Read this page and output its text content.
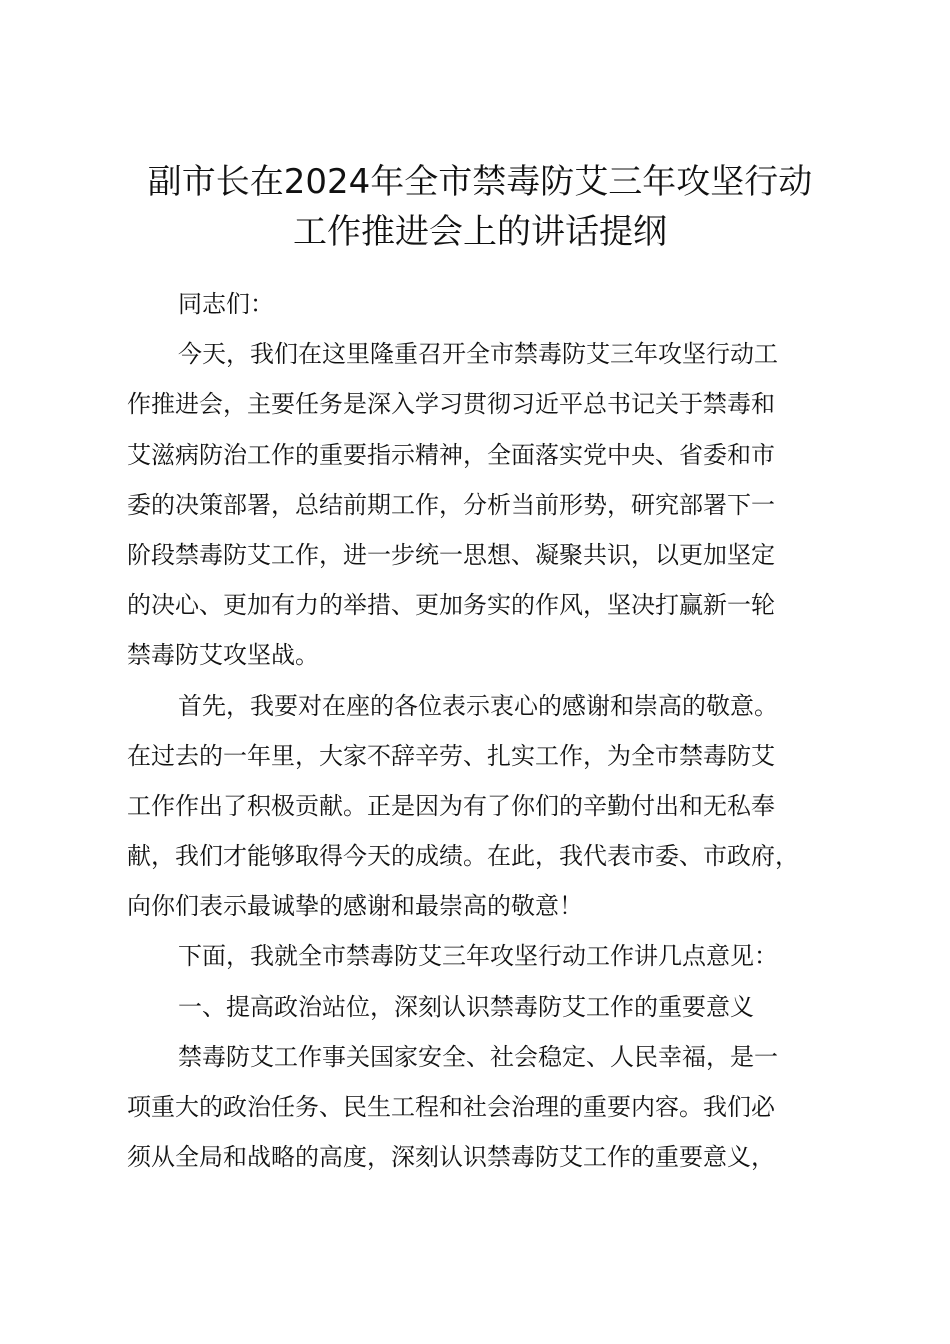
副市长在2024年全市禁毒防艾三年攻坚行动
工作推进会上的讲话提纲
同志们：
今天，我们在这里隆重召开全市禁毒防艾三年攻坚行动工
作推进会，主要任务是深入学习贯彻习近平总书记关于禁毒和
艾滋病防治工作的重要指示精神，全面落实党中央、省委和市
委的决策部署，总结前期工作，分析当前形势，研究部署下一
阶段禁毒防艾工作，进一步统一思想、凝聚共识，以更加坚定
的决心、更加有力的举措、更加务实的作风，坚决打赢新一轮
禁毒防艾攻坚战。
首先，我要对在座的各位表示衷心的感谢和崇高的敬意。
在过去的一年里，大家不辞辛劳、扎实工作，为全市禁毒防艾
工作作出了积极贡献。正是因为有了你们的辛勤付出和无私奉
献，我们才能够取得今天的成绩。在此，我代表市委、市政府，
向你们表示最诚挚的感谢和最崇高的敬意！
下面，我就全市禁毒防艾三年攻坚行动工作讲几点意见：
一、提高政治站位，深刻认识禁毒防艾工作的重要意义
禁毒防艾工作事关国家安全、社会稳定、人民幸福，是一
项重大的政治任务、民生工程和社会治理的重要内容。我们必
须从全局和战略的高度，深刻认识禁毒防艾工作的重要意义，
